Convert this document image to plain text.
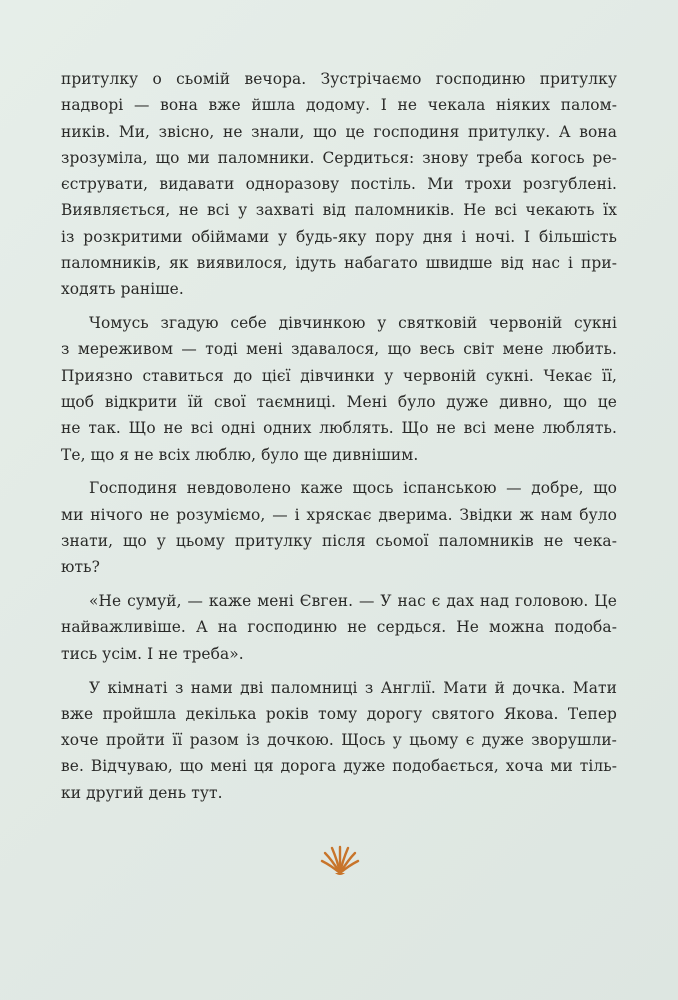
притулку о сьомій вечора. Зустрічаємо господиню притулку
надворі — вона вже йшла додому. І не чекала ніяких палом-
ників. Ми, звісно, не знали, що це господиня притулку. А вона
зрозуміла, що ми паломники. Сердиться: знову треба когось ре-
єструвати, видавати одноразову постіль. Ми трохи розгублені.
Виявляється, не всі у захваті від паломників. Не всі чекають їх
із розкритими обіймами у будь-яку пору дня і ночі. І більшість
паломників, як виявилося, ідуть набагато швидше від нас і при-
ходять раніше.

Чомусь згадую себе дівчинкою у святковій червоній сукні
з мереживом — тоді мені здавалося, що весь світ мене любить.
Приязно ставиться до цієї дівчинки у червоній сукні. Чекає її,
щоб відкрити їй свої таємниці. Мені було дуже дивно, що це
не так. Що не всі одні одних люблять. Що не всі мене люблять.
Те, що я не всіх люблю, було ще дивнішим.

Господиня невдоволено каже щось іспанською — добре, що
ми нічого не розуміємо, — і хряскає дверима. Звідки ж нам було
знати, що у цьому притулку після сьомої паломників не чека-
ють?

«Не сумуй, — каже мені Євген. — У нас є дах над головою. Це
найважливіше. А на господиню не сердься. Не можна подоба-
тись усім. І не треба».

У кімнаті з нами дві паломниці з Англії. Мати й дочка. Мати
вже пройшла декілька років тому дорогу святого Якова. Тепер
хоче пройти її разом із дочкою. Щось у цьому є дуже зворушли-
ве. Відчуваю, що мені ця дорога дуже подобається, хоча ми тіль-
ки другий день тут.
